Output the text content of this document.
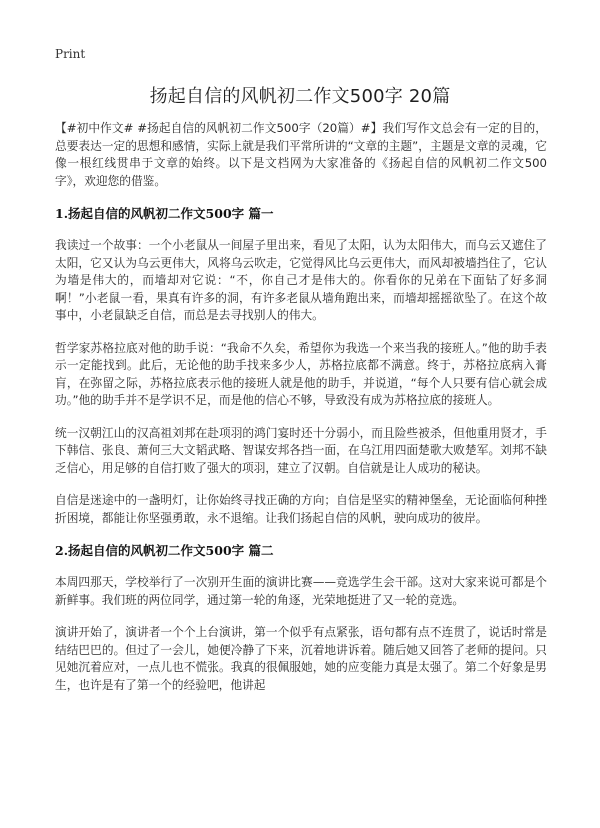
Print
扬起自信的风帆初二作文500字 20篇

【#初中作文# #扬起自信的风帆初二作文500字（20篇）#】我们写作文总会有一定的目的，总要表达一定的思想和感情，实际上就是我们平常所讲的“文章的主题”，主题是文章的灵魂，它像一根红线贯串于文章的始终。以下是文档网为大家准备的《扬起自信的风帆初二作文500字》，欢迎您的借鉴。

1.扬起自信的风帆初二作文500字 篇一

我读过一个故事：一个小老鼠从一间屋子里出来，看见了太阳，认为太阳伟大，而乌云又遮住了太阳，它又认为乌云更伟大，风将乌云吹走，它觉得风比乌云更伟大，而风却被墙挡住了，它认为墙是伟大的，而墙却对它说：“不，你自己才是伟大的。你看你的兄弟在下面钻了好多洞啊！”小老鼠一看，果真有许多的洞，有许多老鼠从墙角跑出来，而墙却摇摇欲坠了。在这个故事中，小老鼠缺乏自信，而总是去寻找别人的伟大。

哲学家苏格拉底对他的助手说：“我命不久矣，希望你为我选一个来当我的接班人。”他的助手表示一定能找到。此后，无论他的助手找来多少人，苏格拉底都不满意。终于，苏格拉底病入膏肓，在弥留之际，苏格拉底表示他的接班人就是他的助手，并说道，“每个人只要有信心就会成功。”他的助手并不是学识不足，而是他的信心不够，导致没有成为苏格拉底的接班人。

统一汉朝江山的汉高祖刘邦在赴项羽的鸿门宴时还十分弱小，而且险些被杀，但他重用贤才，手下韩信、张良、萧何三大文韬武略、智谋安邦各挡一面，在乌江用四面楚歌大败楚军。刘邦不缺乏信心，用足够的自信打败了强大的项羽，建立了汉朝。自信就是让人成功的秘诀。

自信是迷途中的一盏明灯，让你始终寻找正确的方向；自信是坚实的精神堡垒，无论面临何种挫折困境，都能让你坚强勇敢，永不退缩。让我们扬起自信的风帆，驶向成功的彼岸。

2.扬起自信的风帆初二作文500字 篇二

本周四那天，学校举行了一次别开生面的演讲比赛——竞选学生会干部。这对大家来说可都是个新鲜事。我们班的两位同学，通过第一轮的角逐，光荣地挺进了又一轮的竞选。

演讲开始了，演讲者一个个上台演讲，第一个似乎有点紧张，语句都有点不连贯了，说话时常是结结巴巴的。但过了一会儿，她便冷静了下来，沉着地讲诉着。随后她又回答了老师的提问。只见她沉着应对，一点儿也不慌张。我真的很佩服她，她的应变能力真是太强了。第二个好象是男生，也许是有了第一个的经验吧，他讲起
